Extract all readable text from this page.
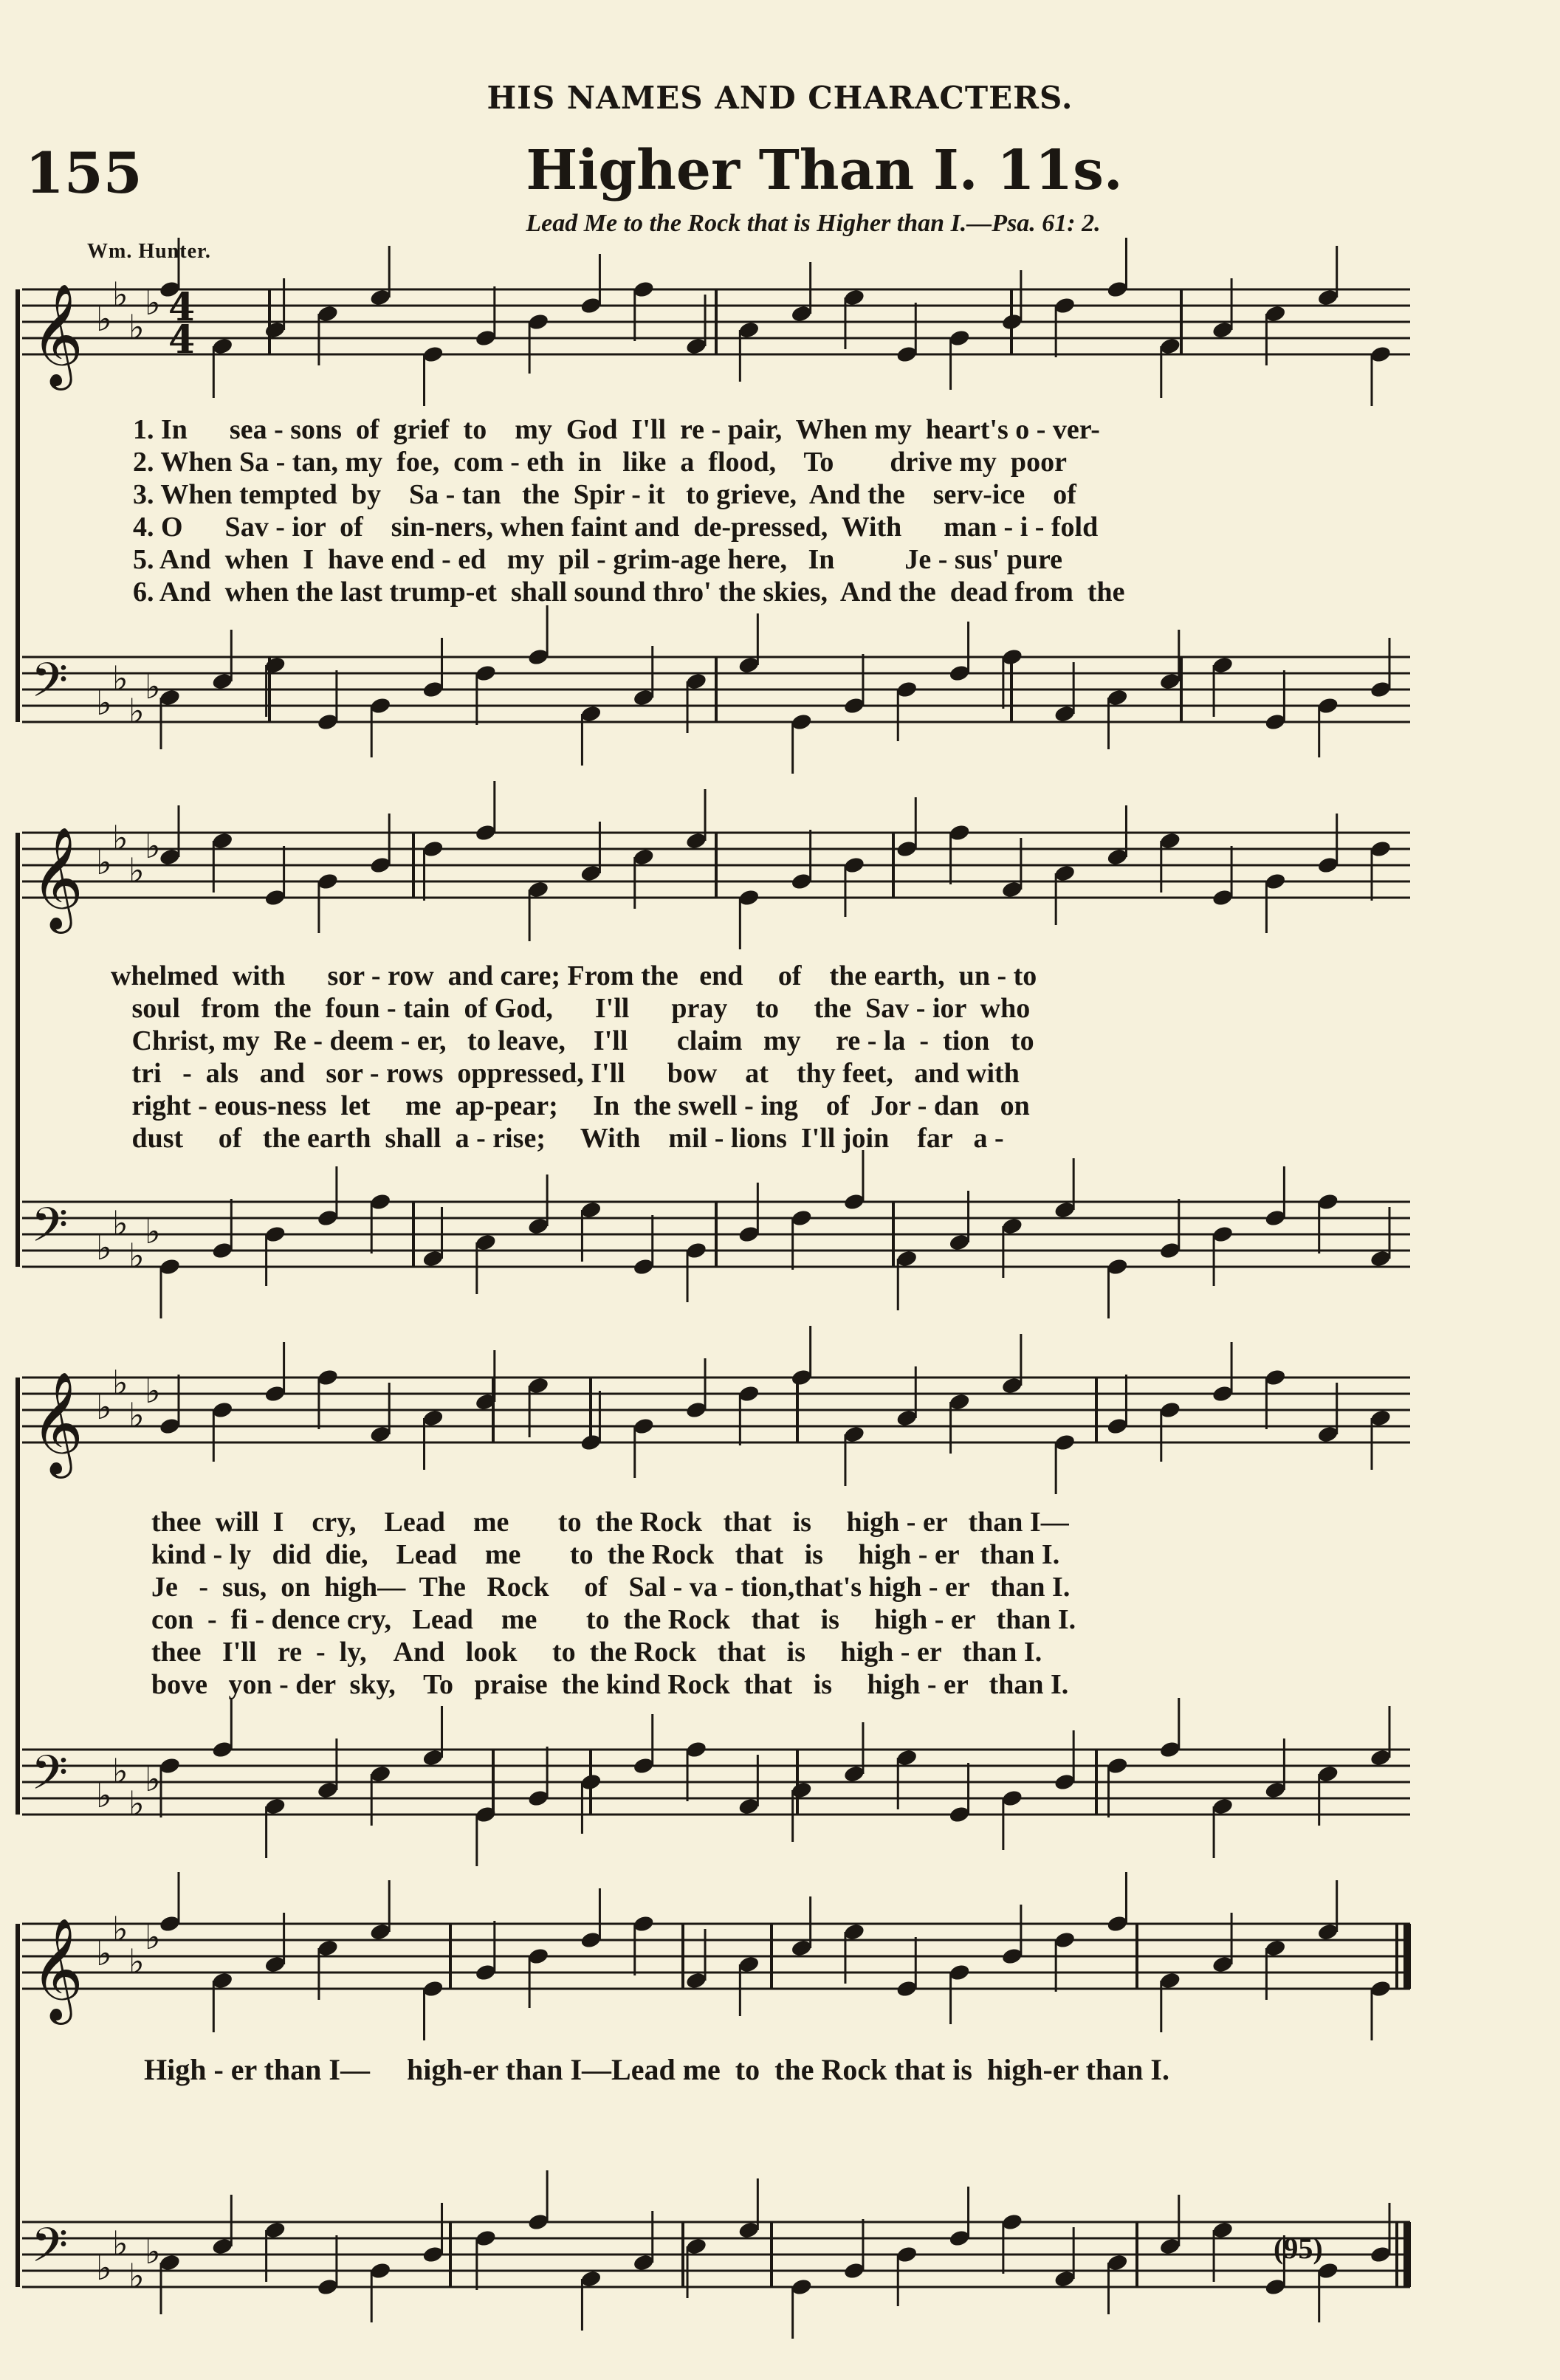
HIS NAMES AND CHARACTERS.
155	Higher Than I. 11s.
Lead Me to the Rock that is Higher than I.—Psa. 61: 2.
Wm. Hunter.
𝄞 ♭
♭
♭
♭
𝄢 ♭
♭
♭
♭
𝄞 ♭
♭
♭
♭
𝄢 ♭
♭
♭
♭
𝄞 ♭
♭
♭
♭
𝄢 ♭
♭
♭
♭
𝄞 ♭
♭
♭
♭
𝄢 ♭
♭
♭
♭
4
4
1. In      sea - sons  of  grief  to    my  God  I'll  re - pair,  When my  heart's o - ver-
2. When Sa - tan, my  foe,  com - eth  in   like  a  flood,    To        drive my  poor
3. When tempted  by    Sa - tan   the  Spir - it   to grieve,  And the    serv-ice    of
4. O      Sav - ior  of    sin-ners, when faint and  de-pressed,  With      man - i - fold
5. And  when  I  have end - ed   my  pil - grim-age here,   In          Je - sus' pure
6. And  when the last trump-et  shall sound thro' the skies,  And the  dead from  the
whelmed  with      sor - row  and care; From the   end     of    the earth,  un - to
soul   from  the  foun - tain  of God,      I'll      pray    to     the  Sav - ior  who
Christ, my  Re - deem - er,   to leave,    I'll       claim   my     re - la  -  tion   to
tri   -  als   and   sor - rows  oppressed, I'll      bow    at    thy feet,   and with
right - eous-ness  let     me  ap-pear;     In  the swell - ing    of   Jor - dan   on
dust     of   the earth  shall  a - rise;     With    mil - lions  I'll join    far   a -
thee  will  I    cry,    Lead    me       to  the Rock   that   is     high - er   than I—
kind - ly   did  die,    Lead    me       to  the Rock   that   is     high - er   than I.
Je   -  sus,  on  high—  The   Rock     of   Sal - va - tion,that's high - er   than I.
con  -  fi - dence cry,   Lead    me       to  the Rock   that   is     high - er   than I.
thee   I'll   re  -  ly,    And   look     to  the Rock   that   is     high - er   than I.
bove   yon - der  sky,    To   praise  the kind Rock  that   is     high - er   than I.
High - er than I—     high-er than I—Lead me  to  the Rock that is  high-er than I.
(95)
